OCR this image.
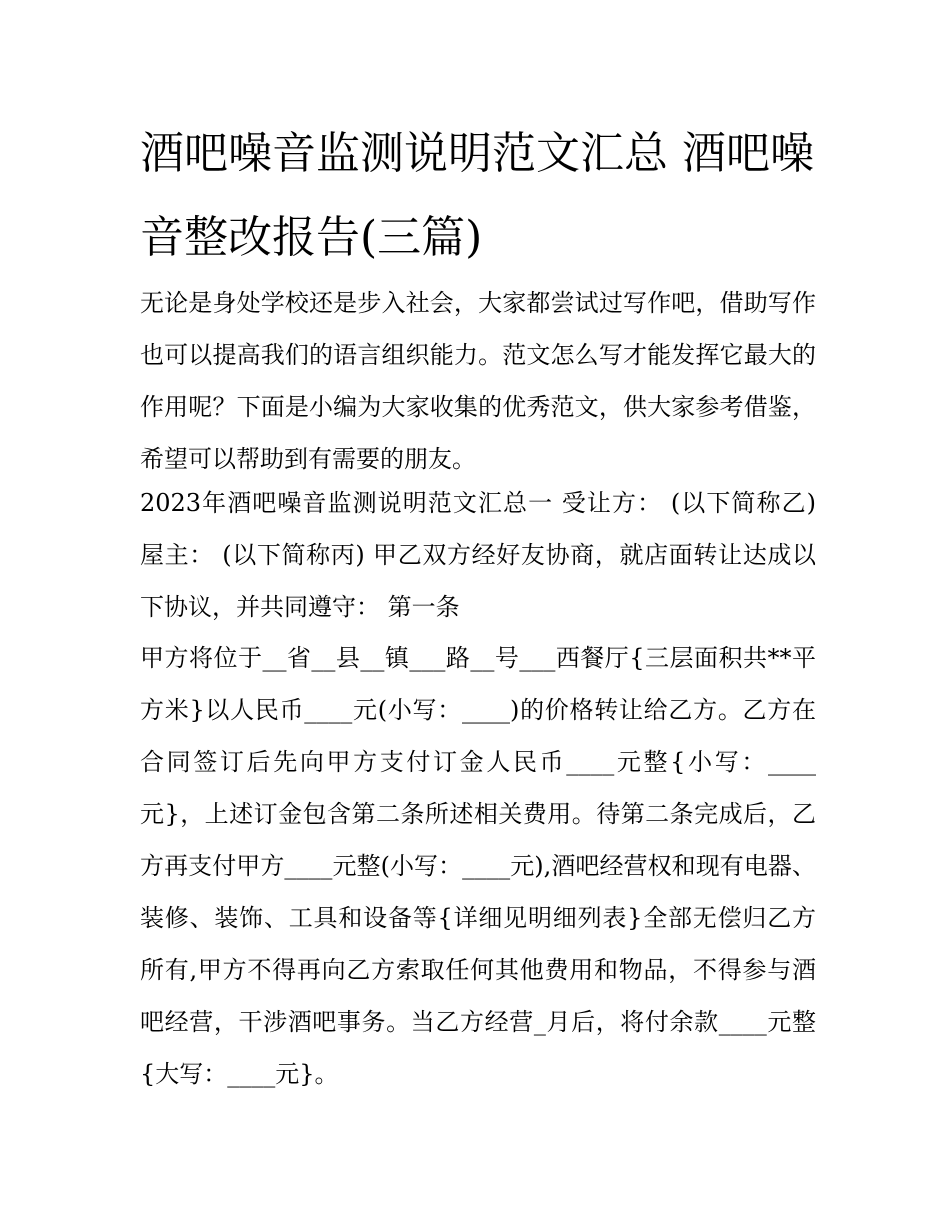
酒吧噪音监测说明范文汇总 酒吧噪音整改报告(三篇)

无论是身处学校还是步入社会，大家都尝试过写作吧，借助写作也可以提高我们的语言组织能力。范文怎么写才能发挥它最大的作用呢？下面是小编为大家收集的优秀范文，供大家参考借鉴，希望可以帮助到有需要的朋友。

2023年酒吧噪音监测说明范文汇总一 受让方： (以下简称乙) 屋主： (以下简称丙) 甲乙双方经好友协商，就店面转让达成以下协议，并共同遵守： 第一条

甲方将位于__省__县__镇___路__号___西餐厅{三层面积共**平方米}以人民币____元(小写：____)的价格转让给乙方。乙方在合同签订后先向甲方支付订金人民币____元整{小写：____元}，上述订金包含第二条所述相关费用。待第二条完成后，乙方再支付甲方____元整(小写：____元),酒吧经营权和现有电器、装修、装饰、工具和设备等{详细见明细列表}全部无偿归乙方所有,甲方不得再向乙方索取任何其他费用和物品，不得参与酒吧经营，干涉酒吧事务。当乙方经营_月后，将付余款____元整{大写：____元}。
